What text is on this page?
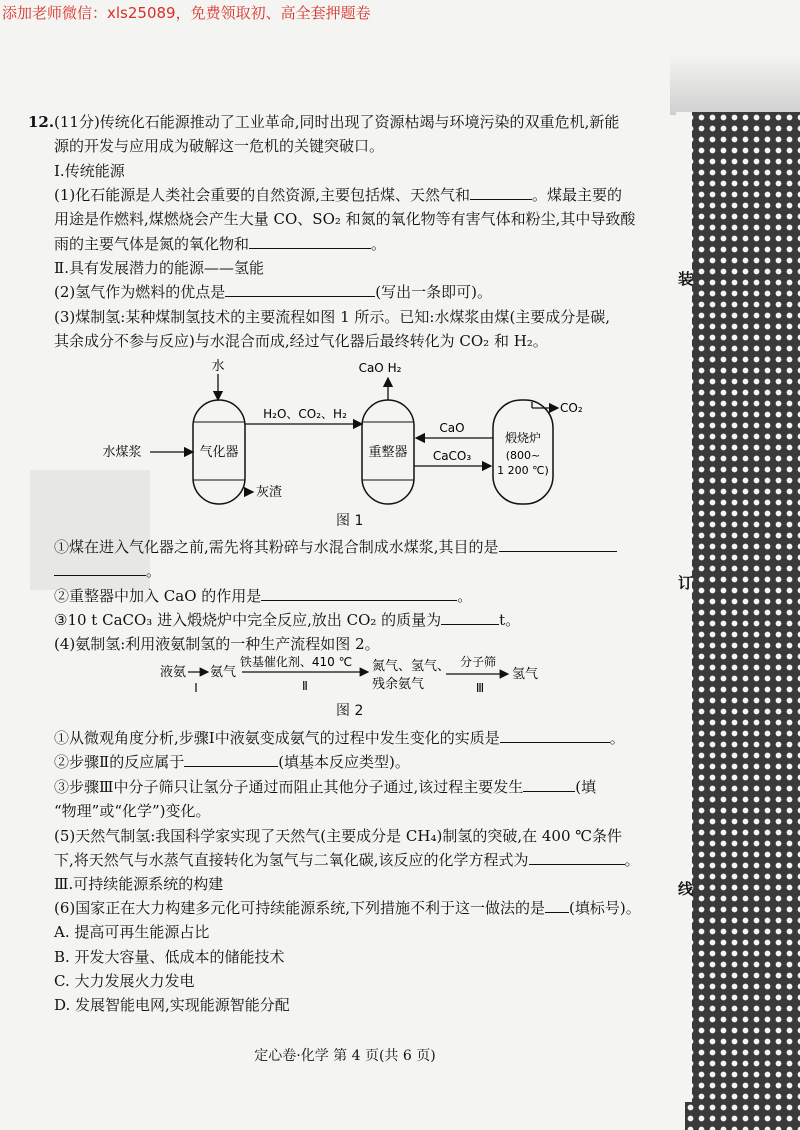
添加老师微信：xls25089，免费领取初、高全套押题卷
装
订
线
12. (11分)传统化石能源推动了工业革命,同时出现了资源枯竭与环境污染的双重危机,新能
源的开发与应用成为破解这一危机的关键突破口。
Ⅰ.传统能源
(1)化石能源是人类社会重要的自然资源,主要包括煤、天然气和	。煤最主要的
用途是作燃料,煤燃烧会产生大量 CO、SO₂ 和氮的氧化物等有害气体和粉尘,其中导致酸
雨的主要气体是氮的氧化物和	。
Ⅱ.具有发展潜力的能源——氢能
(2)氢气作为燃料的优点是	(写出一条即可)。
(3)煤制氢:某种煤制氢技术的主要流程如图 1 所示。已知:水煤浆由煤(主要成分是碳,
其余成分不参与反应)与水混合而成,经过气化器后最终转化为 CO₂ 和 H₂。
水
气化器
水煤浆
灰渣
H₂O、CO₂、H₂
重整器
CaO H₂
煅烧炉
(800~
1 200 ℃)
CaO
CaCO₃
CO₂
图 1
①煤在进入气化器之前,需先将其粉碎与水混合制成水煤浆,其目的是
。
②重整器中加入 CaO 的作用是	。
③10 t CaCO₃ 进入煅烧炉中完全反应,放出 CO₂ 的质量为	t。
(4)氨制氢:利用液氨制氢的一种生产流程如图 2。
液氨
Ⅰ
氨气
铁基催化剂、410 ℃
Ⅱ
氮气、氢气、
残余氨气
分子筛
Ⅲ
氢气
图 2
①从微观角度分析,步骤Ⅰ中液氨变成氨气的过程中发生变化的实质是	。
②步骤Ⅱ的反应属于	(填基本反应类型)。
③步骤Ⅲ中分子筛只让氢分子通过而阻止其他分子通过,该过程主要发生	(填
“物理”或“化学”)变化。
(5)天然气制氢:我国科学家实现了天然气(主要成分是 CH₄)制氢的突破,在 400 ℃条件
下,将天然气与水蒸气直接转化为氢气与二氧化碳,该反应的化学方程式为	。
Ⅲ.可持续能源系统的构建
(6)国家正在大力构建多元化可持续能源系统,下列措施不利于这一做法的是 (填标号)。
A. 提高可再生能源占比
B. 开发大容量、低成本的储能技术
C. 大力发展火力发电
D. 发展智能电网,实现能源智能分配
定心卷·化学 第 4 页(共 6 页)
